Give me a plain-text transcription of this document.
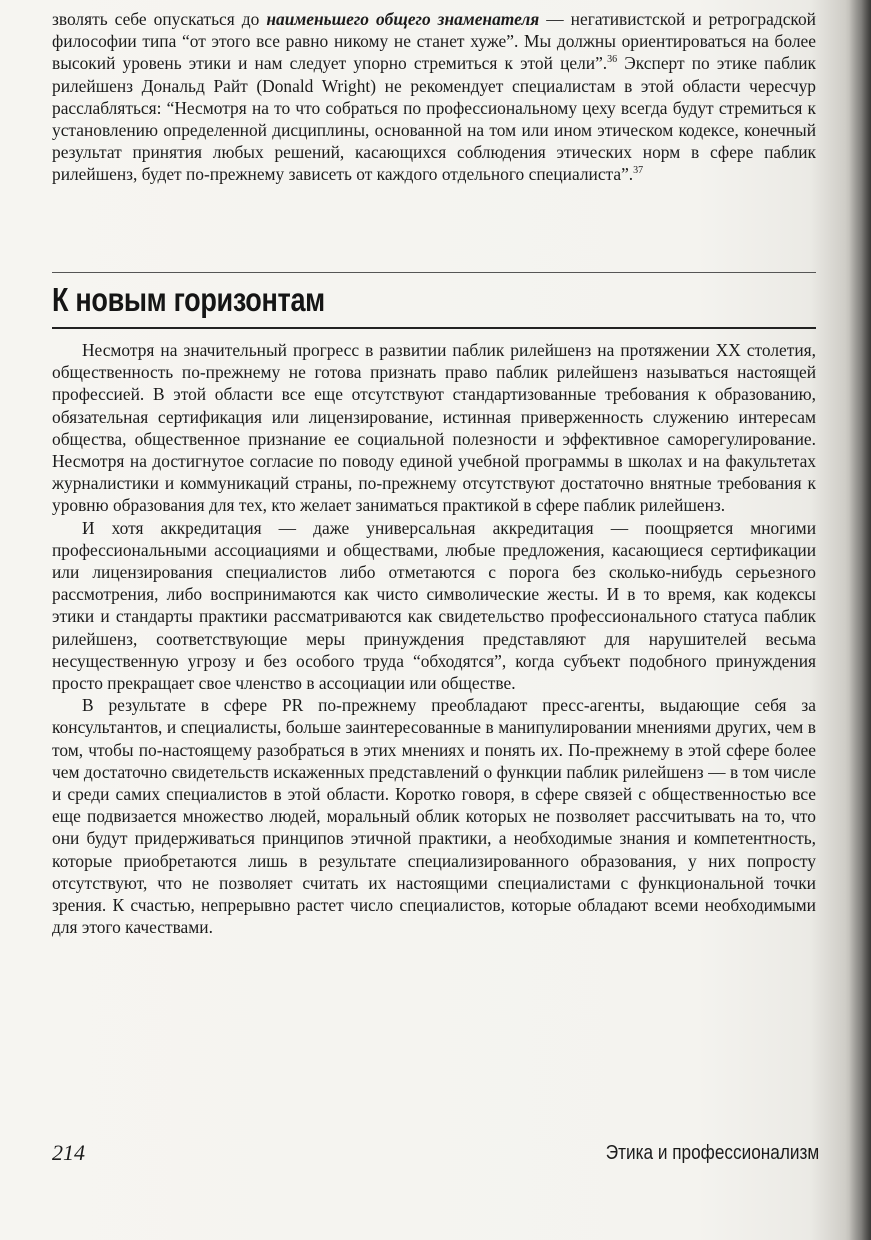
зволять себе опускаться до наименьшего общего знаменателя — негативистской и ретроградской философии типа “от этого все равно никому не станет хуже”. Мы должны ориентироваться на более высокий уровень этики и нам следует упорно стремиться к этой цели”.$^{36}$ Эксперт по этике паблик рилейшенз Дональд Райт (Donald Wright) не рекомендует специалистам в этой области чересчур расслабляться: “Несмотря на то что собраться по профессиональному цеху всегда будут стремиться к установлению определенной дисциплины, основанной на том или ином этическом кодексе, конечный результат принятия любых решений, касающихся соблюдения этических норм в сфере паблик рилейшенз, будет по-прежнему зависеть от каждого отдельного специалиста”.$^{37}$

К новым горизонтам

Несмотря на значительный прогресс в развитии паблик рилейшенз на протяжении XX столетия, общественность по-прежнему не готова признать право паблик рилейшенз называться настоящей профессией. В этой области все еще отсутствуют стандартизованные требования к образованию, обязательная сертификация или лицензирование, истинная приверженность служению интересам общества, общественное признание ее социальной полезности и эффективное саморегулирование. Несмотря на достигнутое согласие по поводу единой учебной программы в школах и на факультетах журналистики и коммуникаций страны, по-прежнему отсутствуют достаточно внятные требования к уровню образования для тех, кто желает заниматься практикой в сфере паблик рилейшенз.

И хотя аккредитация — даже универсальная аккредитация — поощряется многими профессиональными ассоциациями и обществами, любые предложения, касающиеся сертификации или лицензирования специалистов либо отметаются с порога без сколько-нибудь серьезного рассмотрения, либо воспринимаются как чисто символические жесты. И в то время, как кодексы этики и стандарты практики рассматриваются как свидетельство профессионального статуса паблик рилейшенз, соответствующие меры принуждения представляют для нарушителей весьма несущественную угрозу и без особого труда “обходятся”, когда субъект подобного принуждения просто прекращает свое членство в ассоциации или обществе.

В результате в сфере PR по-прежнему преобладают пресс-агенты, выдающие себя за консультантов, и специалисты, больше заинтересованные в манипулировании мнениями других, чем в том, чтобы по-настоящему разобраться в этих мнениях и понять их. По-прежнему в этой сфере более чем достаточно свидетельств искаженных представлений о функции паблик рилейшенз — в том числе и среди самих специалистов в этой области. Коротко говоря, в сфере связей с общественностью все еще подвизается множество людей, моральный облик которых не позволяет рассчитывать на то, что они будут придерживаться принципов этичной практики, а необходимые знания и компетентность, которые приобретаются лишь в результате специализированного образования, у них попросту отсутствуют, что не позволяет считать их настоящими специалистами с функциональной точки зрения. К счастью, непрерывно растет число специалистов, которые обладают всеми необходимыми для этого качествами.

214	Этика и профессионализм
